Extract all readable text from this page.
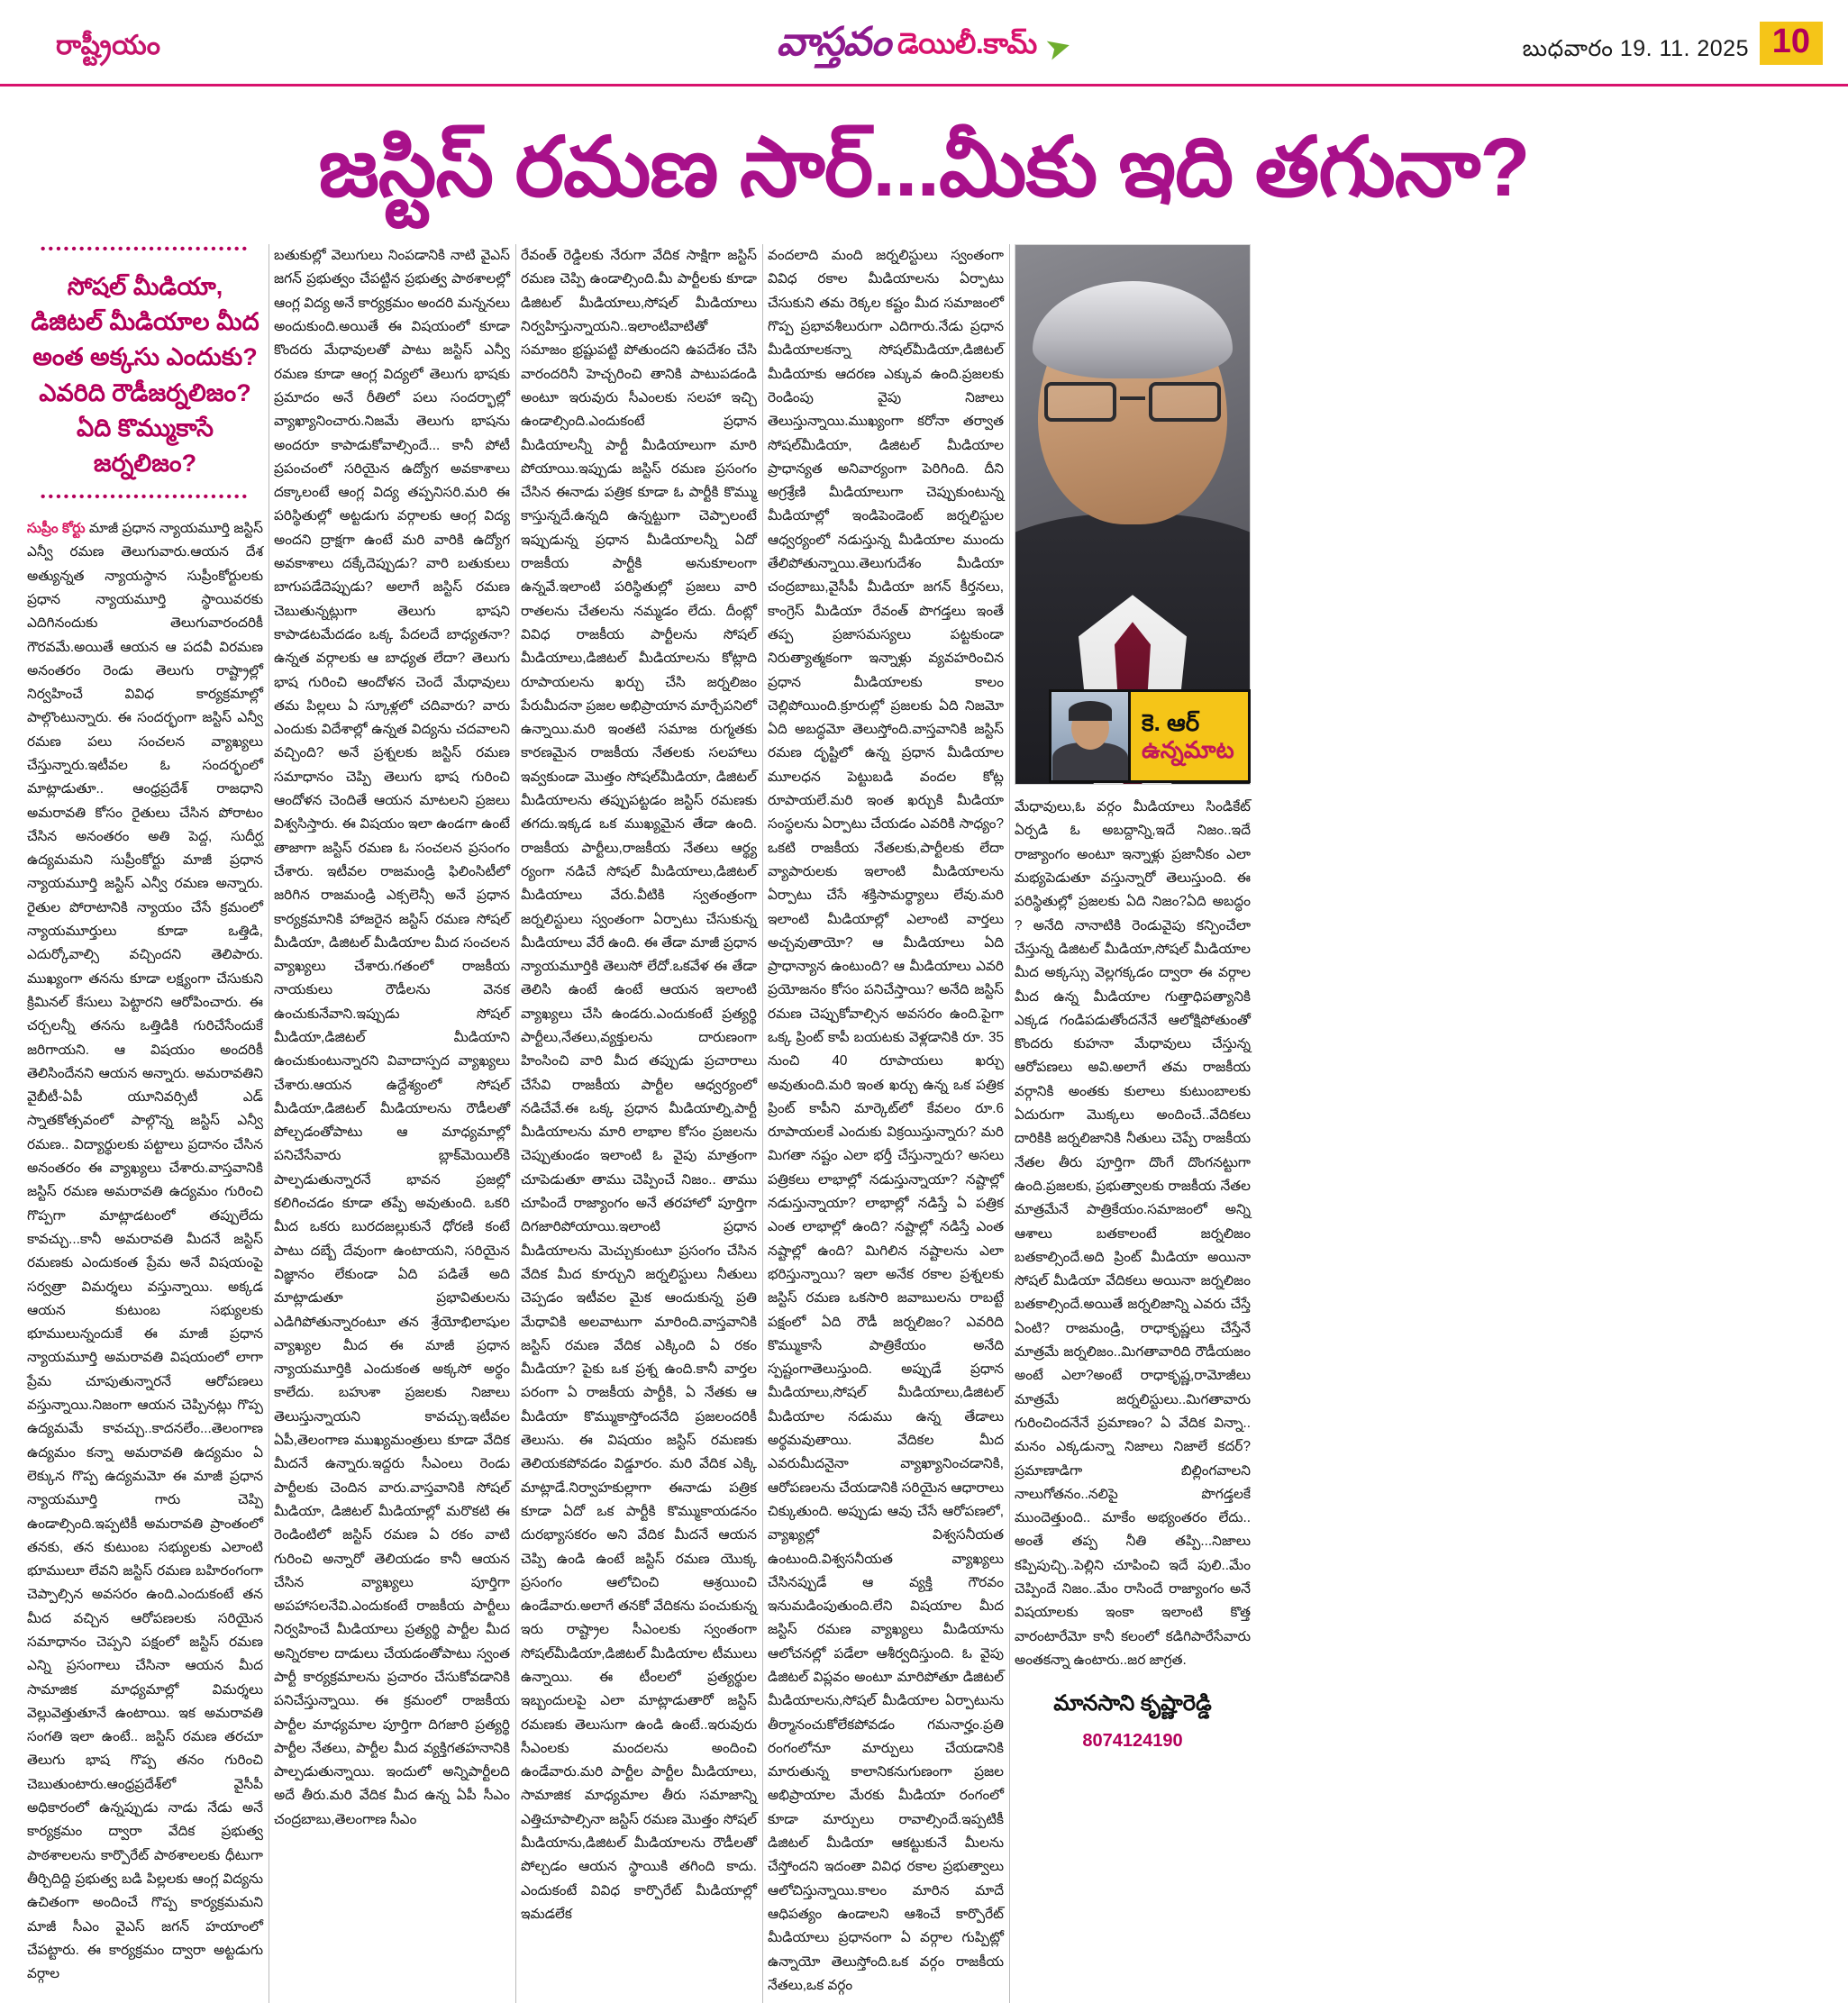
రాష్ట్రీయం	వాస్తవం డెయిలీ.కామ్ ➤	బుధవారం 19. 11. 2025 10
జస్టిస్ రమణ సార్...మీకు ఇది తగునా?
•••••••••••••••••••••••••••
సోషల్ మీడియా,
డిజిటల్ మీడియాల మీద
అంత అక్కసు ఎందుకు?
ఎవరిది రౌడీజర్నలిజం?
ఏది కొమ్ముకాసే జర్నలిజం?
•••••••••••••••••••••••••••

సుప్రీం కోర్టు మాజీ ప్రధాన న్యాయమూర్తి జస్టిస్ ఎన్వీ రమణ తెలుగువారు.ఆయన దేశ అత్యున్నత న్యాయస్థాన సుప్రీంకోర్టులకు ప్రధాన న్యాయమూర్తి స్థాయివరకు ఎదిగినందుకు తెలుగువారందరికీ గౌరవమే.అయితే ఆయన ఆ పదవీ విరమణ అనంతరం రెండు తెలుగు రాష్ట్రాల్లో నిర్వహించే వివిధ కార్యక్రమాల్లో పాల్గొంటున్నారు. ఈ సందర్భంగా జస్టిస్ ఎన్వీ రమణ పలు సంచలన వ్యాఖ్యలు చేస్తున్నారు.ఇటీవల ఓ సందర్భంలో మాట్లాడుతూ.. ఆంధ్రప్రదేశ్ రాజధాని అమరావతి కోసం రైతులు చేసిన పోరాటం చేసిన అనంతరం అతి పెద్ద, సుదీర్ఘ ఉద్యమమని సుప్రీంకోర్టు మాజీ ప్రధాన న్యాయమూర్తి జస్టిస్ ఎన్వీ రమణ అన్నారు. రైతుల పోరాటానికి న్యాయం చేసే క్రమంలో న్యాయమూర్తులు కూడా ఒత్తిడి, ఎదుర్కోవాల్సి వచ్చిందని తెలిపారు. ముఖ్యంగా తనను కూడా లక్ష్యంగా చేసుకుని క్రిమినల్ కేసులు పెట్టారని ఆరోపించారు. ఈ చర్చలన్నీ తనను ఒత్తిడికి గురిచేసేందుకే జరిగాయని. ఆ విష‌యం అందరికీ తెలిసిందేనని ఆయన అన్నారు. అమరావతిని వైబీటీ-ఏపీ యూనివర్సిటీ ఎడ్ స్నాతకోత్సవంలో పాల్గొన్న జస్టిస్ ఎన్వీ రమణ.. విద్యార్థులకు పట్టాలు ప్రదానం చేసిన అనంతరం ఈ వ్యాఖ్యలు చేశారు.వాస్తవానికి జస్టిస్ రమణ అమరావతి ఉద్యమం గురించి గొప్పగా మాట్లాడటంలో తప్పులేదు కావచ్చు...కానీ అమరావతి మీదనే జస్టిస్ రమణకు ఎందుకంత ప్రేమ అనే విషయంపై సర్వత్రా విమర్శలు వస్తున్నాయి. అక్కడ ఆయన కుటుంబ సభ్యులకు భూములున్నందుకే ఈ మాజీ ప్రధాన న్యాయమూర్తి అమరావతి విషయంలో లాగా ప్రేమ చూపుతున్నారనే ఆరోపణలు వస్తున్నాయి.నిజంగా ఆయన చెప్పినట్లు గొప్ప ఉద్యమమే కావచ్చు..కాదనలేం...తెలంగాణ ఉద్యమం కన్నా అమరావతి ఉద్యమం ఏ లెక్కున గొప్ప ఉద్యమమో ఈ మాజీ ప్రధాన న్యాయమూర్తి గారు చెప్పి ఉండాల్సింది.ఇప్పటికీ అమరావతి ప్రాంతంలో తనకు, తన కుటుంబ సభ్యులకు ఎలాంటి భూములూ లేవని జస్టిస్ రమణ బహిరంగంగా చెప్పాల్సిన అవసరం ఉంది.ఎందుకంటే తన మీద వచ్చిన ఆరోపణలకు సరియైన సమాధానం చెప్పని పక్షంలో జస్టిస్ రమణ ఎన్ని ప్రసంగాలు చేసినా ఆయన మీద సామాజిక మాధ్యమాల్లో విమర్శలు వెల్లువెత్తుతూనే ఉంటాయి. ఇక అమరావతి సంగతి ఇలా ఉంటే.. జస్టిస్ రమణ తరచూ తెలుగు భాష గొప్ప తనం గురించి చెబుతుంటారు.ఆంధ్రప్రదేశ్‌లో వైసీపీ అధికారంలో ఉన్నప్పుడు నాడు నేడు అనే కార్యక్రమం ద్వారా వేదిక ప్రభుత్వ పాఠశాలలను కార్పొరేట్ పాఠశాలలకు ధీటుగా తీర్చిదిద్ది ప్రభుత్వ బడి పిల్లలకు ఆంగ్ల విద్యను ఉచితంగా అందించే గొప్ప కార్యక్రమమని మాజీ సీఎం వైఎస్ జగన్ హయాంలో చేపట్టారు. ఈ కార్యక్రమం ద్వారా అట్టడుగు వర్గాల

బతుకుల్లో వెలుగులు నింపడానికి నాటి వైఎస్ జగన్ ప్రభుత్వం చేపట్టిన ప్రభుత్వ పాఠశాలల్లో ఆంగ్ల విద్య అనే కార్యక్రమం అందరి మన్ననలు అందుకుంది.అయితే ఈ విషయంలో కూడా కొందరు మేధావులతో పాటు జస్టిస్ ఎన్వీ రమణ కూడా ఆంగ్ల విద్యలో తెలుగు భాషకు ప్రమాదం అనే రీతిలో పలు సందర్భాల్లో వ్యాఖ్యానించారు.నిజమే తెలుగు భాషను అందరూ కాపాడుకోవాల్సిందే... కానీ పోటీ ప్రపంచంలో సరియైన ఉద్యోగ అవకాశాలు దక్కాలంటే ఆంగ్ల విద్య తప్పనిసరి.మరి ఈ పరిస్థితుల్లో అట్టడుగు వర్గాలకు ఆంగ్ల విద్య అందని ద్రాక్షగా ఉంటే మరి వారికి ఉద్యోగ అవకాశాలు దక్కేదెప్పుడు? వారి బతుకులు బాగుపడేదెప్పుడు? అలాగే జస్టిస్ రమణ చెబుతున్నట్లుగా తెలుగు భాషని కాపాడటమేదడం ఒక్క పేదలదే బాధ్యతనా? ఉన్నత వర్గాలకు ఆ బాధ్యత లేదా? తెలుగు భాష గురించి ఆందోళన చెందే మేధావులు తమ పిల్లలు ఏ స్కూళ్లలో చదివారు? వారు ఎందుకు విదేశాల్లో ఉన్నత విద్యను చదవాలని వచ్చింది? అనే ప్రశ్నలకు జస్టిస్ రమణ సమాధానం చెప్పి తెలుగు భాష గురించి ఆందోళన చెందితే ఆయన మాటలని ప్రజలు విశ్వసిస్తారు. ఈ విషయం ఇలా ఉండగా ఉంటే తాజాగా జస్టిస్ రమణ ఓ సంచలన ప్రసంగం చేశారు. ఇటీవల రాజమండ్రి ఫిలింసిటీలో జరిగిన రాజమండ్రి ఎక్సలెన్సీ అనే ప్రధాన కార్యక్రమానికి హాజరైన జస్టిస్ రమణ సోషల్ మీడియా, డిజిటల్ మీడియాల మీద సంచలన వ్యాఖ్యలు చేశారు.గతంలో రాజకీయ నాయకులు రౌడీలను వెనక ఉంచుకునేవాని.ఇప్పుడు సోషల్ మీడియా,డిజిటల్ మీడియాని ఉంచుకుంటున్నారని వివాదాస్పద వ్యాఖ్యలు చేశారు.ఆయన ఉద్దేశ్యంలో సోషల్ మీడియా,డిజిటల్ మీడియాలను రౌడీలతో పోల్చడంతోపాటు ఆ మాధ్యమాల్లో పనిచేసేవారు బ్లాక్‌మెయిల్‌కి పాల్పడుతున్నారనే భావన ప్రజల్లో కలిగించడం కూడా తప్పే అవుతుంది. ఒకరి మీద ఒకరు బురదజల్లుకునే ధోరణి కంటే పాటు దబ్బే దేవుంగా ఉంటాయని, సరియైన విజ్ఞానం లేకుండా ఏది పడితే అది మాట్లాడుతూ ప్రభావితులను ఎడిగిపోతున్నారంటూ తన శ్రేయోభిలాషుల వ్యాఖ్యల మీద ఈ మాజీ ప్రధాన న్యాయమూర్తికి ఎందుకంత అక్కసో అర్థం కాలేదు. బహుశా ప్రజలకు నిజాలు తెలుస్తున్నాయని కావచ్చు.ఇటీవల ఏపీ,తెలంగాణ ముఖ్యమంత్రులు కూడా వేదిక మీదనే ఉన్నారు.ఇద్దరు సీఎంలు రెండు పార్టీలకు చెందిన వారు.వాస్తవానికి సోషల్ మీడియా, డిజిటల్ మీడియాల్లో మరొకటి ఈ రెండింటిలో జస్టిస్ రమణ ఏ రకం వాటి గురించి అన్నారో తెలియడం కానీ ఆయన చేసిన వ్యాఖ్యలు పూర్తిగా అపహాసలనేవి.ఎందుకంటే రాజకీయ పార్టీలు నిర్వహించే మీడియాలు ప్రత్యర్థి పార్టీల మీద అన్నిరకాల దాడులు చేయడంతోపాటు స్వంత పార్టీ కార్యక్రమాలను ప్రచారం చేసుకోవడానికి పనిచేస్తున్నాయి. ఈ క్రమంలో రాజకీయ పార్టీల మాధ్యమాల పూర్తిగా దిగజారి ప్రత్యర్థి పార్టీల నేతలు, పార్టీల మీద వ్యక్తిగతహనానికి పాల్పడుతున్నాయి. ఇందులో అన్నిపార్టీలది అదే తీరు.మరి వేదిక మీద ఉన్న ఏపీ సీఎం చంద్రబాబు,తెలంగాణ సీఎం

రేవంత్ రెడ్డిలకు నేరుగా వేదిక సాక్షిగా జస్టిస్ రమణ చెప్పి ఉండాల్సింది.మీ పార్టీలకు కూడా డిజిటల్ మీడియాలు,సోషల్ మీడియాలు నిర్వహిస్తున్నాయని..ఇలాంటివాటితో సమాజం భ్రష్టుపట్టి పోతుందని ఉపదేశం చేసి వారందరినీ హెచ్చరించి తానికి పాటుపడండి అంటూ ఇరువురు సీఎంలకు సలహా ఇచ్చి ఉండాల్సింది.ఎందుకంటే ప్రధాన మీడియాలన్నీ పార్టీ మీడియాలుగా మారి పోయాయి.ఇప్పుడు జస్టిస్ రమణ ప్రసంగం చేసిన ఈనాడు పత్రిక కూడా ఓ పార్టీకి కొమ్ము కాస్తున్నదే.ఉన్నది ఉన్నట్టుగా చెప్పాలంటే ఇప్పుడున్న ప్రధాన మీడియాలన్నీ ఏదో రాజకీయ పార్టీకి అనుకూలంగా ఉన్నవే.ఇలాంటి పరిస్థితుల్లో ప్రజలు వారి రాతలను చేతలను నమ్మడం లేదు. దీంట్లో వివిధ రాజకీయ పార్టీలను సోషల్ మీడియాలు,డిజిటల్ మీడియాలను కోట్లాది రూపాయలను ఖర్చు చేసి జర్నలిజం పేరుమీదనా ప్రజల అభిప్రాయాన మార్చేపనిలో ఉన్నాయి.మరి ఇంతటి సమాజ రుగ్మతకు కారణమైన రాజకీయ నేతలకు సలహాలు ఇవ్వకుండా మొత్తం సోషల్‌మీడియా, డిజిటల్ మీడియాలను తప్పుపట్టడం జస్టిస్ రమణకు తగదు.ఇక్కడ ఒక ముఖ్యమైన తేడా ఉంది. రాజకీయ పార్టీలు,రాజకీయ నేతలు ఆర్థ్య ర్యంగా నడిచే సోషల్ మీడియాలు,డిజిటల్ మీడియాలు వేరు.వీటికి స్వతంత్రంగా జర్నలిస్టులు స్వంతంగా ఏర్పాటు చేసుకున్న మీడియాలు వేరే ఉంది. ఈ తేడా మాజీ ప్రధాన న్యాయమూర్తికి తెలుసో లేదో.ఒకవేళ ఈ తేడా తెలిసి ఉంటే ఉంటే ఆయన ఇలాంటి వ్యాఖ్యలు చేసి ఉండరు.ఎందుకంటే ప్రత్యర్థి పార్టీలు,నేతలు,వ్యక్తులను దారుణంగా హింసించి వారి మీద తప్పుడు ప్రచారాలు చేసేవి రాజకీయ పార్టీల ఆధ్వర్యంలో నడిచేవే.ఈ ఒక్క ప్రధాన మీడియాల్ని,పార్టీ మీడియాలను మారి లాభాల కోసం ప్రజలను చెప్పుతుండం ఇలాంటి ఓ వైపు మాత్రంగా చూపెడుతూ తాము చెప్పించే నిజం.. తాము చూపిందే రాజ్యాంగం అనే తరహాలో పూర్తిగా దిగజారిపోయాయి.ఇలాంటి ప్రధాన మీడియాలను మెచ్చుకుంటూ ప్రసంగం చేసిన వేదిక మీద కూర్చుని జర్నలిస్టులు నీతులు చెప్పడం ఇటీవల మైక ఆందుకున్న ప్రతి మేధావికి అలవాటుగా మారింది.వాస్తవానికి జస్టిస్ రమణ వేదిక ఎక్కింది ఏ రకం మీడియా? పైకు ఒక ప్రశ్న ఉంది.కానీ వార్తల పరంగా ఏ రాజకీయ పార్టీకి, ఏ నేతకు ఆ మీడియా కొమ్ముకాస్తోందనేది ప్రజలందరికీ తెలుసు. ఈ విషయం జస్టిస్ రమణకు తెలియకపోవడం విడ్డూరం. మరి వేదిక ఎక్కి మాట్లాడే.నిర్వాహకుల్లాగా ఈనాడు పత్రిక కూడా ఏదో ఒక పార్టీకి కొమ్ముకాయడనం దురభ్యాసకరం అని వేదిక మీదనే ఆయన చెప్పి ఉండి ఉంటే జస్టిస్ రమణ యొక్క ప్రసంగం ఆలోచించి ఆశ్రయించి ఉండేవారు.అలాగే తనకో వేదికను పంచుకున్న ఇరు రాష్ట్రాల సీఎంలకు స్వంతంగా సోషల్‌మీడియా,డిజిటల్ మీడియాల టీములు ఉన్నాయి. ఈ టీంలలో ప్రత్యర్థుల ఇబ్బందులపై ఎలా మాట్లాడుతారో జస్టిస్ రమణకు తెలుసుగా ఉండి ఉంటే..ఇరువురు సీఎంలకు మందలను అందించి ఉండేవారు.మరి పార్టీల పార్టీల మీడియాలు, సామాజిక మాధ్యమాల తీరు సమాజాన్ని ఎత్తిచూపాల్సినా జస్టిస్ రమణ మొత్తం సోషల్ మీడియాను,డిజిటల్ మీడియాలను రౌడీలతో పోల్చడం ఆయన స్థాయికి తగింది కాదు. ఎందుకంటే వివిధ కార్పొరేట్ మీడియాల్లో ఇమడలేక

వందలాది మంది జర్నలిస్టులు స్వంతంగా వివిధ రకాల మీడియాలను ఏర్పాటు చేసుకుని తమ రెక్కల కష్టం మీద సమాజంలో గొప్ప ప్రభావశీలురుగా ఎదిగారు.నేడు ప్రధాన మీడియాలకన్నా సోషల్‌మీడియా,డిజిటల్ మీడియాకు ఆదరణ ఎక్కువ ఉంది.ప్రజలకు రెండింపు వైపు నిజాలు తెలుస్తున్నాయి.ముఖ్యంగా కరోనా తర్వాత సోషల్‌మీడియా, డిజిటల్ మీడియాల ప్రాధాన్యత అనివార్యంగా పెరిగింది. దీని అగ్రశ్రేణి మీడియాలుగా చెప్పుకుంటున్న మీడియాల్లో ఇండిపెండెంట్ జర్నలిస్టుల ఆధ్వర్యంలో నడుస్తున్న మీడియాల ముందు తేలిపోతున్నాయి.తెలుగుదేశం మీడియా చంద్రబాబు,వైసీపీ మీడియా జగన్ కీర్తనలు, కాంగ్రెస్ మీడియా రేవంత్ పొగడ్తలు ఇంతే తప్ప ప్రజాసమస్యలు పట్టకుండా నిరుత్యాత్మకంగా ఇన్నాళ్లు వ్యవహరించిన ప్రధాన మీడియాలకు కాలం చెల్లిపోయింది.క్రూరుల్లో ప్రజలకు ఏది నిజమో ఏది అబద్ధమో తెలుస్తోంది.వాస్తవానికి జస్టిస్ రమణ దృష్టిలో ఉన్న ప్రధాన మీడియాల మూలధన పెట్టుబడి వందల కోట్ల రూపాయలే.మరి ఇంత ఖర్చుకి మీడియా సంస్థలను ఏర్పాటు చేయడం ఎవరికి సాధ్యం? ఒకటి రాజకీయ నేతలకు,పార్టీలకు లేదా వ్యాపారులకు ఇలాంటి మీడియాలను ఏర్పాటు చేసే శక్తిసామర్థ్యాలు లేవు.మరి ఇలాంటి మీడియాల్లో ఎలాంటి వార్తలు అచ్చవుతాయో? ఆ మీడియాలు ఏది ప్రాధాన్యాన ఉంటుంది? ఆ మీడియాలు ఎవరి ప్రయోజనం కోసం పనిచేస్తాయి? అనేది జస్టిస్ రమణ చెప్పుకోవాల్సిన అవసరం ఉంది.పైగా ఒక్క ప్రింట్ కాపీ బయటకు వెళ్లడానికి రూ. 35 నుంచి 40 రూపాయలు ఖర్చు అవుతుంది.మరి ఇంత ఖర్చు ఉన్న ఒక పత్రిక ప్రింట్ కాపీని మార్కెట్‌లో కేవలం రూ.6 రూపాయలకే ఎందుకు విక్రయిస్తున్నారు? మరి మిగతా నష్టం ఎలా భర్తీ చేస్తున్నారు? అసలు పత్రికలు లాభాల్లో నడుస్తున్నాయా? నష్టాల్లో నడుస్తున్నాయా? లాభాల్లో నడిస్తే ఏ పత్రిక ఎంత లాభాల్లో ఉంది? నష్టాల్లో నడిస్తే ఎంత నష్టాల్లో ఉంది? మిగిలిన నష్టాలను ఎలా భరిస్తున్నాయి? ఇలా అనేక రకాల ప్రశ్నలకు జస్టిస్ రమణ ఒకసారి జవాబులను రాబట్టే పక్షంలో ఏది రౌడీ జర్నలిజం? ఎవరిది కొమ్ముకాసే పాత్రికేయం అనేది స్పష్టంగాతెలుస్తుంది. అప్పుడే ప్రధాన మీడియాలు,సోషల్ మీడియాలు,డిజిటల్ మీడియాల నడుము ఉన్న తేడాలు అర్థమవుతాయి. వేదికల మీద ఎవరుమీదనైనా వ్యాఖ్యానించడానికి, ఆరోపణలను చేయడానికి సరియైన ఆధారాలు చిక్కుతుంది. అప్పుడు ఆవు చేసే ఆరోపణలో, వ్యాఖ్యల్లో విశ్వసనీయత ఉంటుంది.విశ్వసనీయత వ్యాఖ్యలు చేసినప్పుడే ఆ వ్యక్తి గౌరవం ఇనుమడింపుతుంది.లేని విషయాల మీద జస్టిస్ రమణ వ్యాఖ్యలు మీడియాను ఆలోచనల్లో పడేలా ఆశీర్వదిస్తుంది. ఓ వైపు డిజిటల్ విప్లవం అంటూ మారిపోతూ డిజిటల్ మీడియాలను,సోషల్ మీడియాల ఏర్పాటును తీర్మానంచుకోలేకపోవడం గమనార్హం.ప్రతి రంగంలోనూ మార్పులు చేయడానికి మారుతున్న కాలానికనుగుణంగా ప్రజల అభిప్రాయాల మేరకు మీడియా రంగంలో కూడా మార్పులు రావాల్సిందే.ఇప్పటికీ డిజిటల్ మీడియా ఆకట్టుకునే మీలను చేస్తోందని ఇదంతా వివిధ రకాల ప్రభుత్వాలు ఆలోచిస్తున్నాయి.కాలం మారిన మాదే ఆధిపత్యం ఉండాలని ఆశించే కార్పొరేట్ మీడియాలు ప్రధానంగా ఏ వర్గాల గుప్పిట్లో ఉన్నాయో తెలుస్తోంది.ఒక వర్గం రాజకీయ నేతలు,ఒక వర్గం

కె. ఆర్
ఉన్నమాట

మేధావులు,ఓ వర్గం మీడియాలు సిండికేట్ ఏర్పడి ఓ అబద్దాన్ని,ఇదే నిజం..ఇదే రాజ్యాంగం అంటూ ఇన్నాళ్లు ప్రజానీకం ఎలా మభ్యపెడుతూ వస్తున్నారో తెలుస్తుంది. ఈ పరిస్థితుల్లో ప్రజలకు ఏది నిజం?ఏది అబద్ధం ? అనేది నానాటికి రెండువైపు కన్పించేలా చేస్తున్న డిజిటల్ మీడియా,సోషల్ మీడియాల మీద అక్కస్సు వెల్లగక్కడం ద్వారా ఈ వర్గాల మీద ఉన్న మీడియాల గుత్తాధిపత్యానికి ఎక్కడ గండిపడుతోందనేనే ఆలోక్షిపోతుంతో కొందరు కుహనా మేధావులు చేస్తున్న ఆరోపణలు అవి.అలాగే తమ రాజకీయ వర్గానికి అంతకు కులాలు కుటుంబాలకు ఏదురుగా మొక్కలు అందించే..వేదికలు దారికికి జర్నలిజానికి నీతులు చెప్పే రాజకీయ నేతల తీరు పూర్తిగా దొంగే దొంగనట్టుగా ఉంది.ప్రజలకు, ప్రభుత్వాలకు రాజకీయ నేతల మాత్రమేనే పాత్రికేయం.సమాజంలో అన్ని ఆశాలు బతకాలంటే జర్నలిజం బతకాల్సిందే.అది ప్రింట్ మీడియా అయినా సోషల్ మీడియా వేదికలు అయినా జర్నలిజం బతకాల్సిందే.అయితే జర్నలిజాన్ని ఎవరు చేస్తే ఏంటి? రాజమండ్రి, రాధాకృష్ణలు చేస్తేనే మాత్రమే జర్నలిజం..మిగతావారిది రౌడీయజం అంటే ఎలా?అంటే రాధాకృష్ణ,రామోజీలు మాత్రమే జర్నలిస్టులు..మిగతావారు గురించిందనేనే ప్రమాణం? ఏ వేదిక విన్నా.. మనం ఎక్కడున్నా నిజాలు నిజాలే కదర్? ప్రమాణాడిగా బిల్లింగవాలని నాలుగోతనం..నలిపై పొగడ్తలకే ముందెత్తుంది.. మాకేం అభ్యంతరం లేదు.. అంతే తప్ప నీతి తప్పి...నిజాలు కప్పిపుచ్చి..పెల్లిని చూపించి ఇదే పులి..మేం చెప్పిందే నిజం..మేం రాసిందే రాజ్యాంగం అనే విషయాలకు ఇంకా ఇలాంటి కొత్త వారంటారేమో కానీ కలంలో కడిగిపారేసేవారు అంతకన్నా ఉంటారు..జర జాగ్రత.

మానసాని కృష్ణారెడ్డి
8074124190
